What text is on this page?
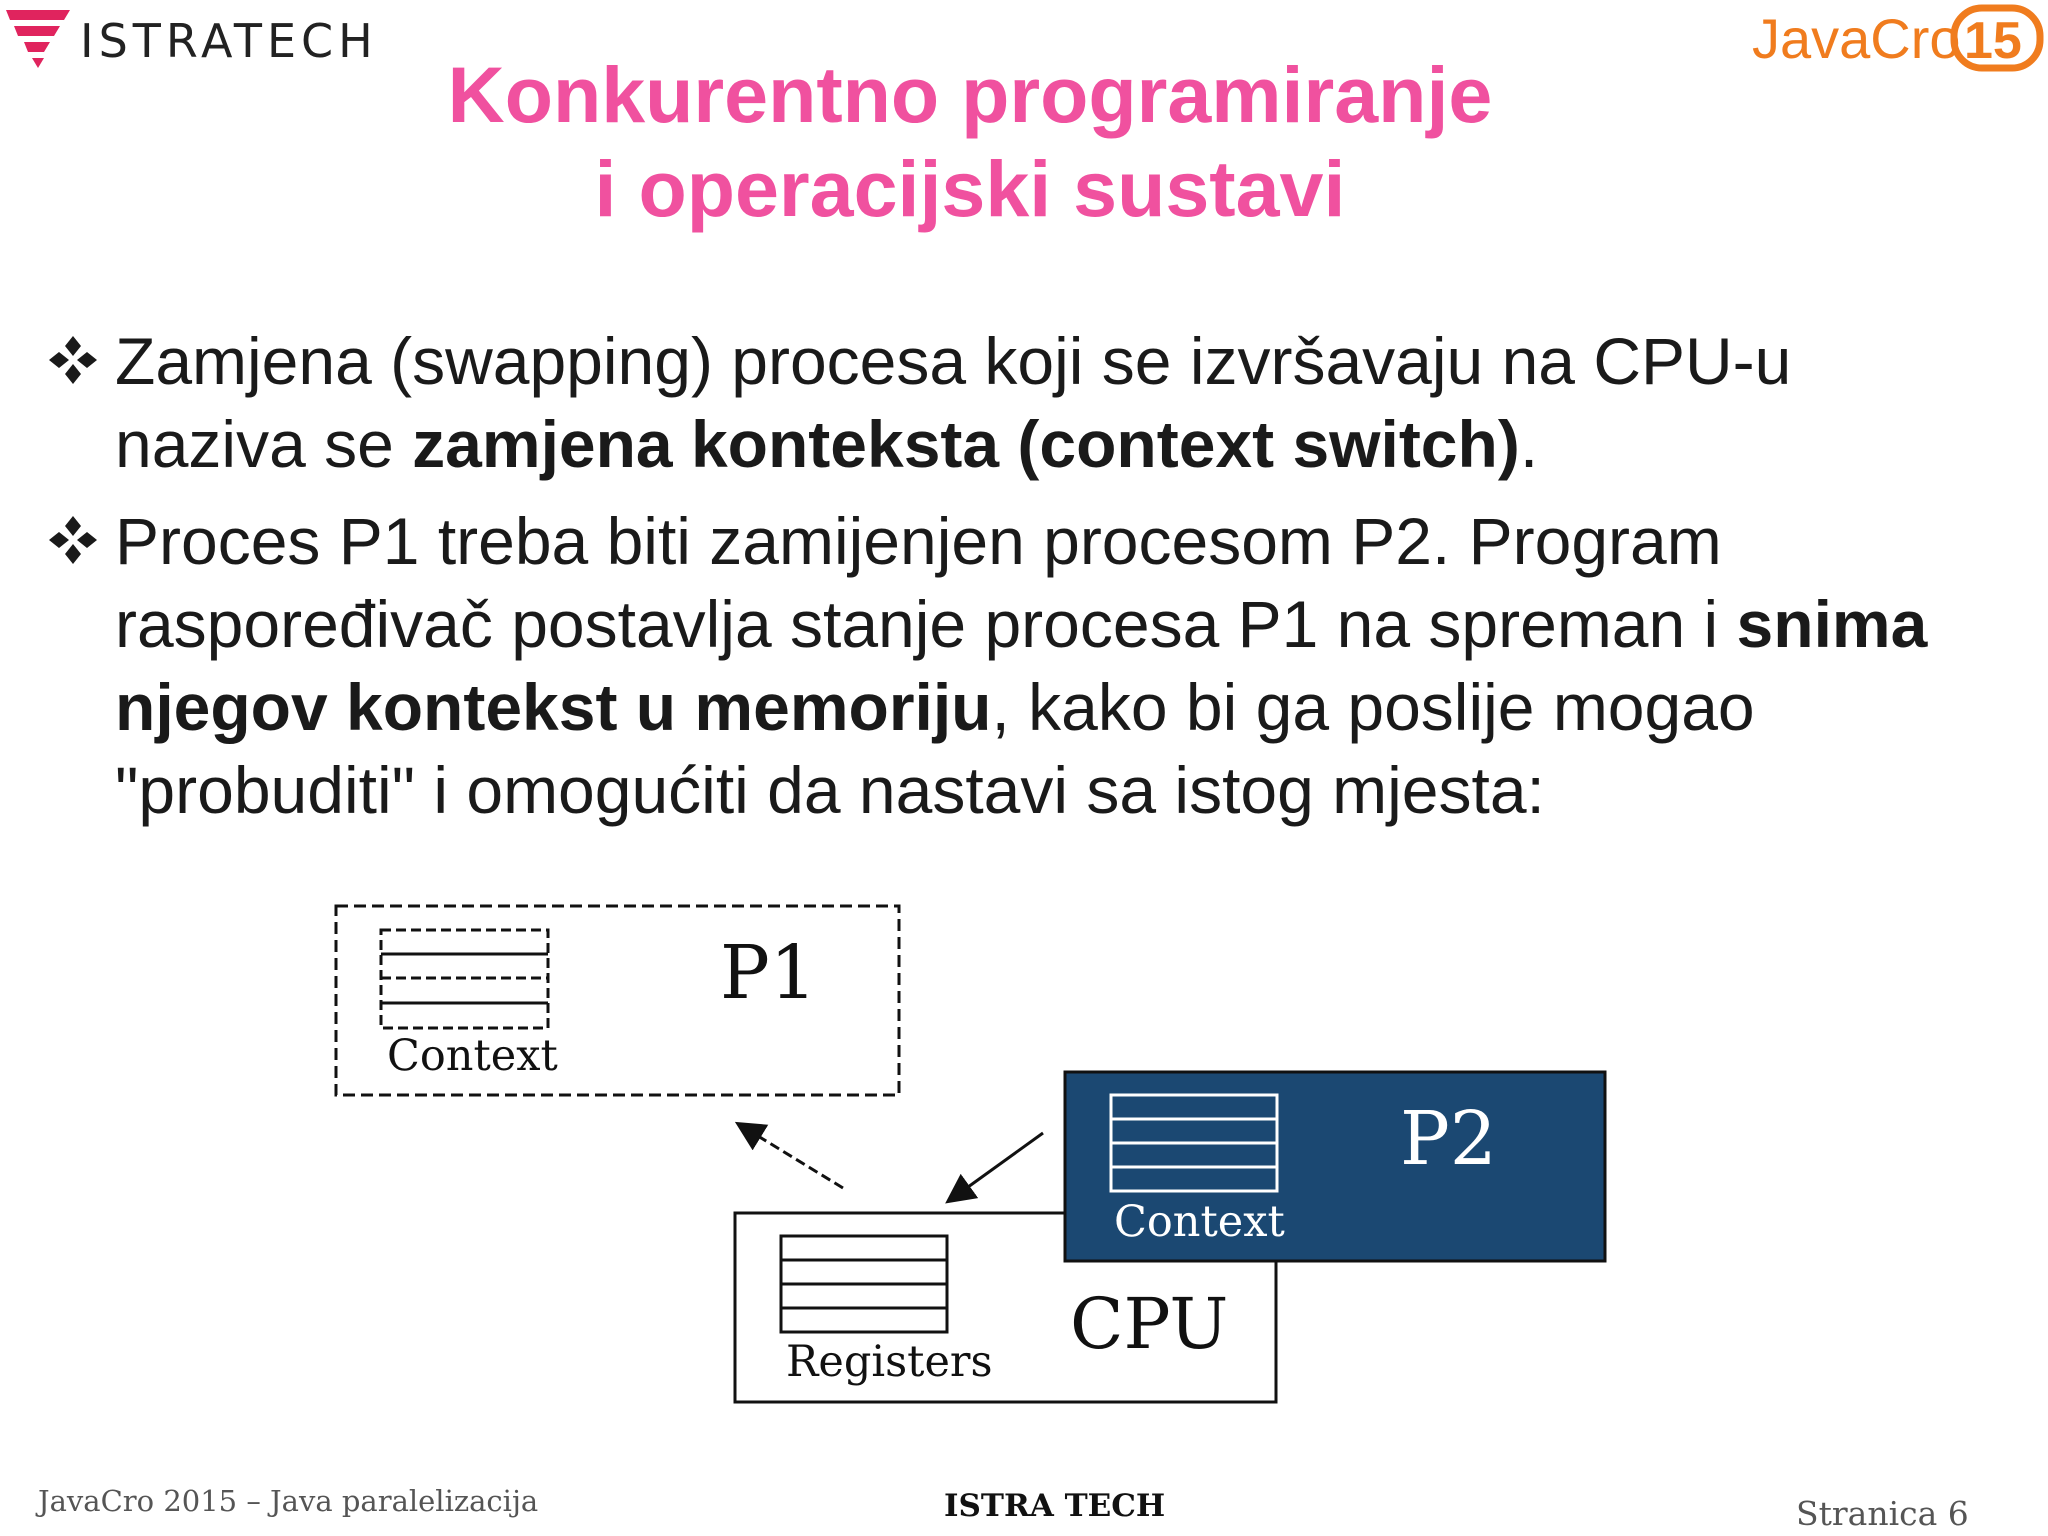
ISTRATECH	JavaCro 15
Konkurentno programiranje
i operacijski sustavi
Zamjena (swapping) procesa koji se izvršavaju na CPU-u
naziva se zamjena konteksta (context switch).
Proces P1 treba biti zamijenjen procesom P2. Program
raspoređivač postavlja stanje procesa P1 na spreman i snima
njegov kontekst u memoriju, kako bi ga poslije mogao
"probuditi" i omogućiti da nastavi sa istog mjesta:
Context
P1
Registers CPU
Context
P2
JavaCro 2015 – Java paralelizacija	ISTRA TECH	Stranica 6
